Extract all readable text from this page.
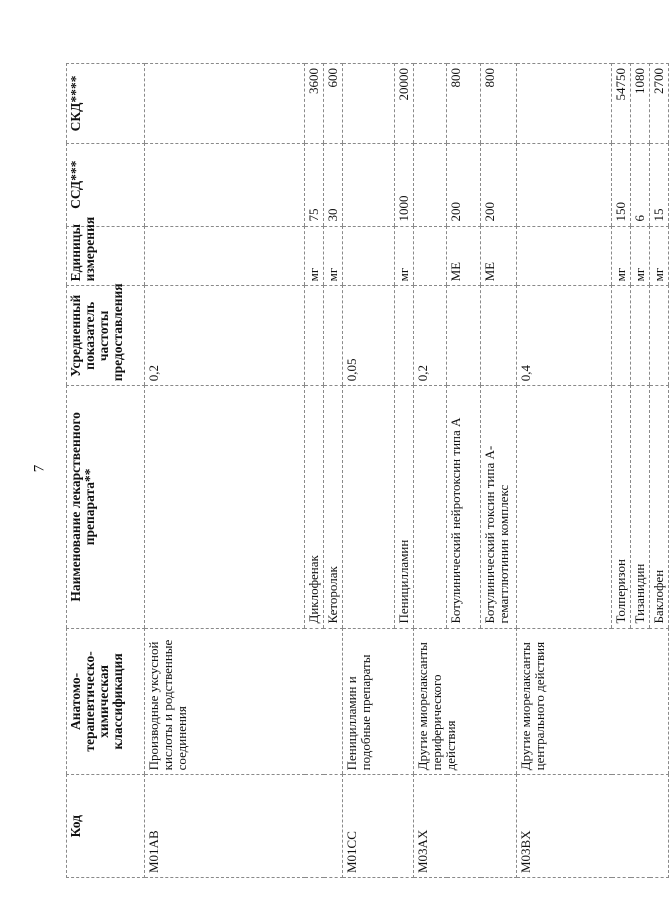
7
Код	Анатомо-терапевтическо-химическая классификация	Наименование лекарственного препарата**	Усредненный показатель частоты предоставления	Единицы измерения	ССД***	СКД****
M01AB	Производные уксусной кислоты и родственные соединения		0,2			
		Диклофенак		мг	75	3600
		Кеторолак		мг	30	600
M01CC	Пеницилламин и подобные препараты		0,05			
		Пеницилламин		мг	1000	20000
M03AX	Другие миорелаксанты периферического действия		0,2			
		Ботулинический нейротоксин типа А		МЕ	200	800
		Ботулинический токсин типа А-гемагглютинин комплекс		МЕ	200	800
M03BX	Другие миорелаксанты центрального действия		0,4			
		Толперизон		мг	150	54750
		Тизанидин		мг	6	1080
		Баклофен		мг	15	2700
